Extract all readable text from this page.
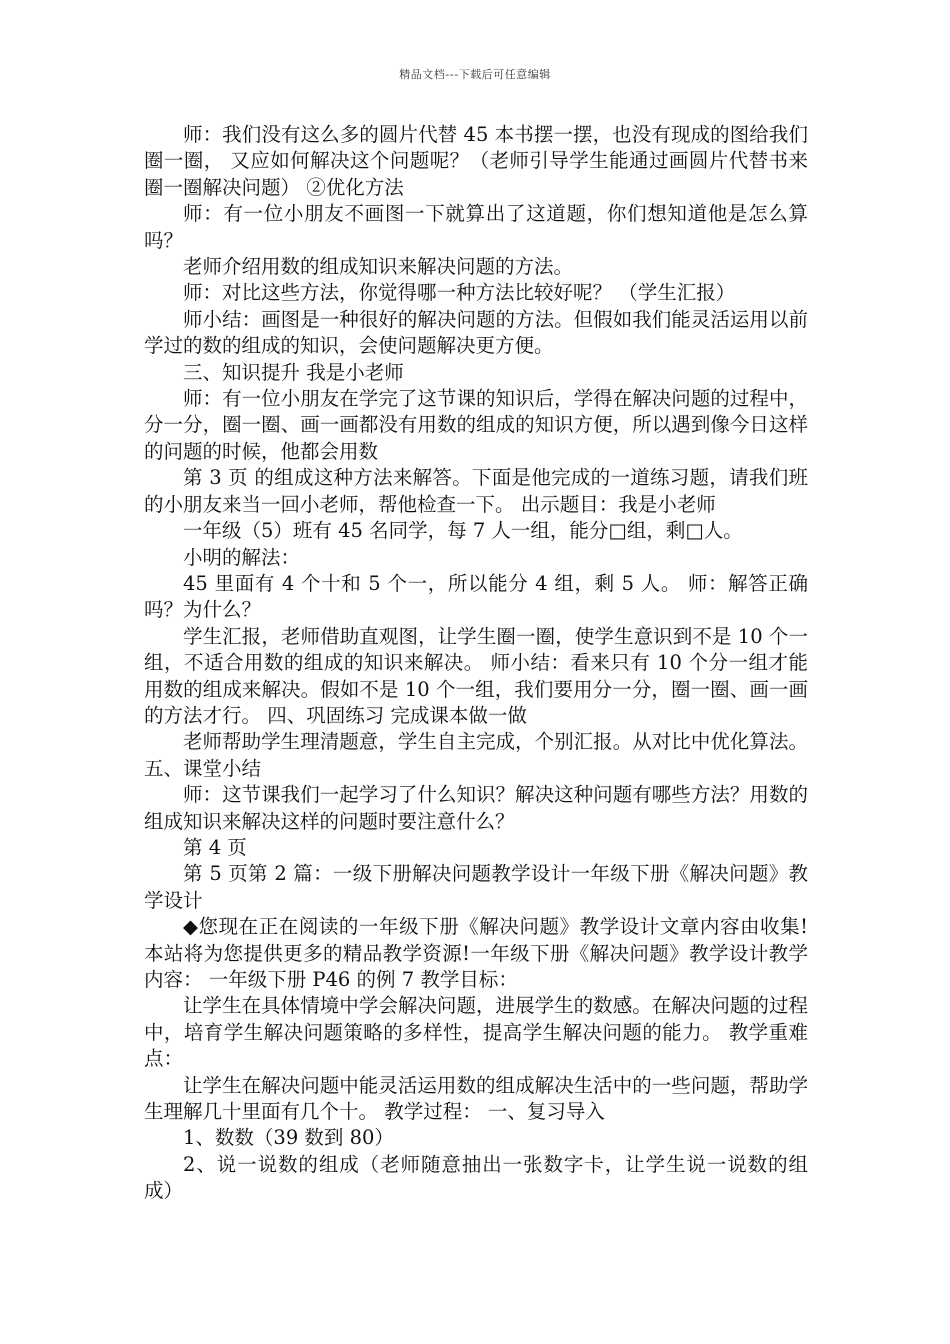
精品文档---下载后可任意编辑

师：我们没有这么多的圆片代替 45 本书摆一摆，也没有现成的图给我们圈一圈， 又应如何解决这个问题呢？（老师引导学生能通过画圆片代替书来圈一圈解决问题） ②优化方法

师：有一位小朋友不画图一下就算出了这道题，你们想知道他是怎么算吗？

老师介绍用数的组成知识来解决问题的方法。

师：对比这些方法，你觉得哪一种方法比较好呢？ （学生汇报）

师小结：画图是一种很好的解决问题的方法。但假如我们能灵活运用以前学过的数的组成的知识，会使问题解决更方便。

三、知识提升 我是小老师

师：有一位小朋友在学完了这节课的知识后，学得在解决问题的过程中，分一分，圈一圈、画一画都没有用数的组成的知识方便，所以遇到像今日这样的问题的时候，他都会用数

第 3 页 的组成这种方法来解答。下面是他完成的一道练习题，请我们班的小朋友来当一回小老师，帮他检查一下。 出示题目：我是小老师

一年级（5）班有 45 名同学，每 7 人一组，能分□组，剩□人。

小明的解法：

45 里面有 4 个十和 5 个一，所以能分 4 组，剩 5 人。 师：解答正确吗？为什么？

学生汇报，老师借助直观图，让学生圈一圈，使学生意识到不是 10 个一组，不适合用数的组成的知识来解决。 师小结：看来只有 10 个分一组才能用数的组成来解决。假如不是 10 个一组，我们要用分一分，圈一圈、画一画的方法才行。 四、巩固练习 完成课本做一做

老师帮助学生理清题意，学生自主完成，个别汇报。从对比中优化算法。 五、课堂小结

师：这节课我们一起学习了什么知识？解决这种问题有哪些方法？用数的组成知识来解决这样的问题时要注意什么？

第 4 页

第 5 页第 2 篇：一级下册解决问题教学设计一年级下册《解决问题》教学设计

◆您现在正在阅读的一年级下册《解决问题》教学设计文章内容由收集!本站将为您提供更多的精品教学资源!一年级下册《解决问题》教学设计教学内容： 一年级下册 P46 的例 7 教学目标：

让学生在具体情境中学会解决问题，进展学生的数感。在解决问题的过程中，培育学生解决问题策略的多样性，提高学生解决问题的能力。 教学重难点：

让学生在解决问题中能灵活运用数的组成解决生活中的一些问题，帮助学生理解几十里面有几个十。 教学过程： 一、复习导入

1、数数（39 数到 80）

2、说一说数的组成（老师随意抽出一张数字卡，让学生说一说数的组成）
